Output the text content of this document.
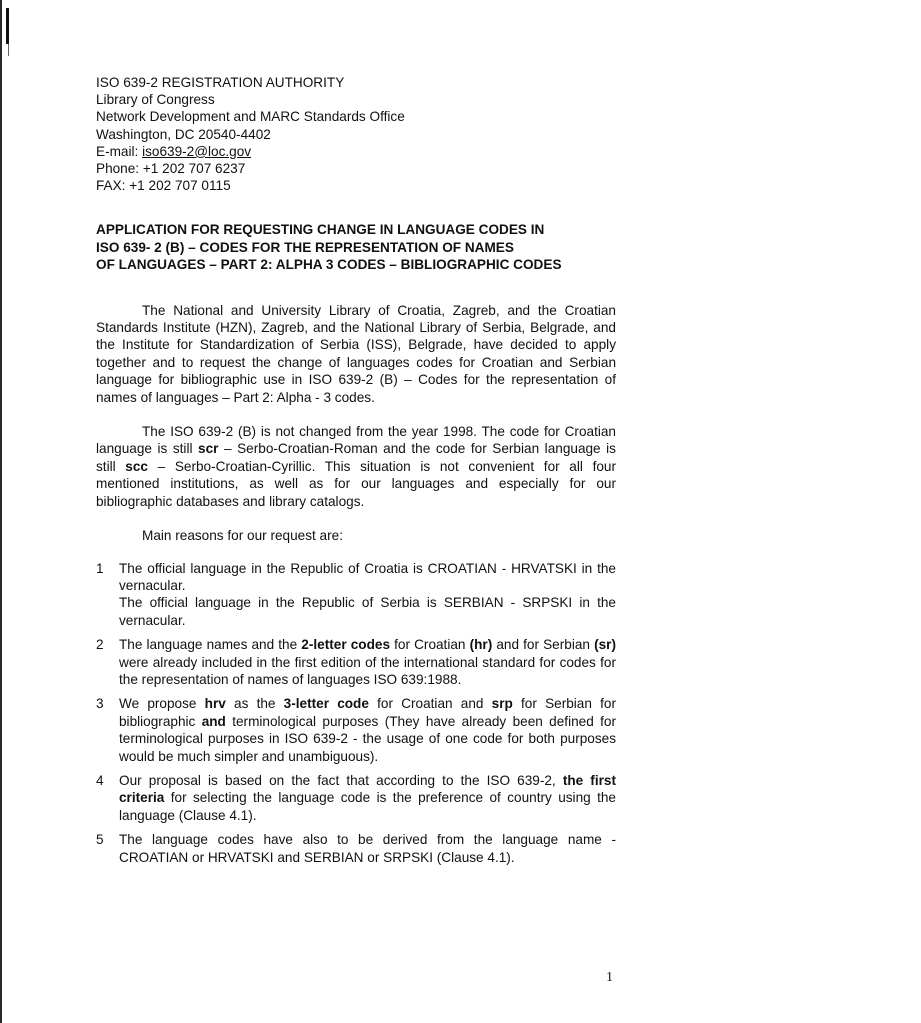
ISO 639-2 REGISTRATION AUTHORITY
Library of Congress
Network Development and MARC Standards Office
Washington, DC 20540-4402
E-mail: iso639-2@loc.gov
Phone: +1 202 707 6237
FAX: +1 202 707 0115
APPLICATION FOR REQUESTING CHANGE IN LANGUAGE CODES IN
ISO 639- 2 (B) – CODES FOR THE REPRESENTATION OF NAMES
OF LANGUAGES – PART 2: ALPHA 3 CODES – BIBLIOGRAPHIC CODES
The National and University Library of Croatia, Zagreb, and the Croatian Standards Institute (HZN), Zagreb, and the National Library of Serbia, Belgrade, and the Institute for Standardization of Serbia (ISS), Belgrade, have decided to apply together and to request the change of languages codes for Croatian and Serbian language for bibliographic use in ISO 639-2 (B) – Codes for the representation of names of languages – Part 2: Alpha - 3 codes.
The ISO 639-2 (B) is not changed from the year 1998. The code for Croatian language is still scr – Serbo-Croatian-Roman and the code for Serbian language is still scc – Serbo-Croatian-Cyrillic. This situation is not convenient for all four mentioned institutions, as well as for our languages and especially for our bibliographic databases and library catalogs.
Main reasons for our request are:
1	The official language in the Republic of Croatia is CROATIAN - HRVATSKI in the vernacular.
The official language in the Republic of Serbia is SERBIAN - SRPSKI in the vernacular.
2	The language names and the 2-letter codes for Croatian (hr) and for Serbian (sr) were already included in the first edition of the international standard for codes for the representation of names of languages ISO 639:1988.
3	We propose hrv as the 3-letter code for Croatian and srp for Serbian for bibliographic and terminological purposes (They have already been defined for terminological purposes in ISO 639-2 - the usage of one code for both purposes would be much simpler and unambiguous).
4	Our proposal is based on the fact that according to the ISO 639-2, the first criteria for selecting the language code is the preference of country using the language (Clause 4.1).
5	The language codes have also to be derived from the language name - CROATIAN or HRVATSKI and SERBIAN or SRPSKI (Clause 4.1).
1
